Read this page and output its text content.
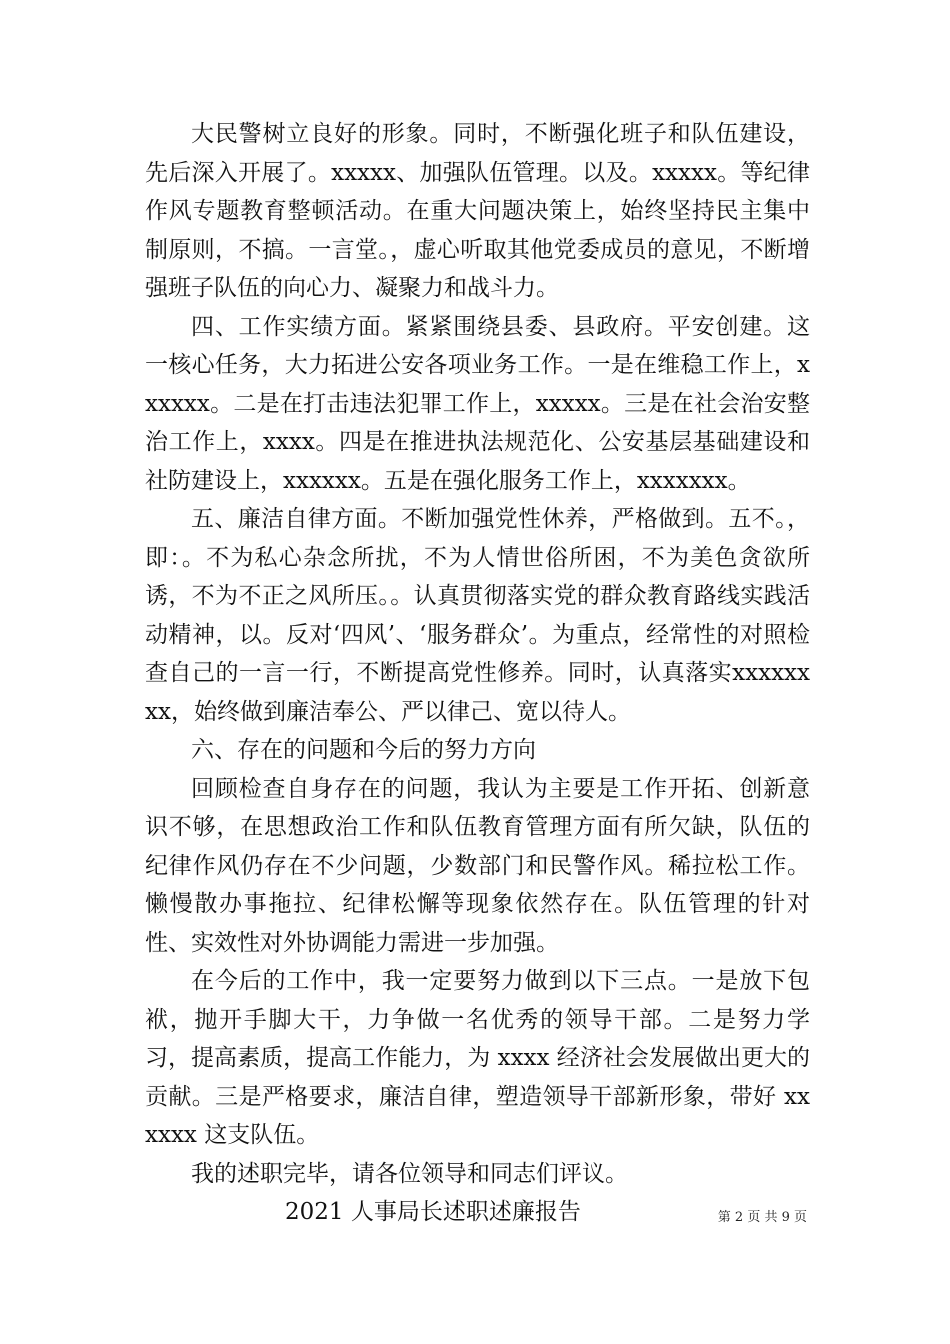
大民警树立良好的形象。同时，不断强化班子和队伍建设，先后深入开展了。xxxxx、加强队伍管理。以及。xxxxx。等纪律作风专题教育整顿活动。在重大问题决策上，始终坚持民主集中制原则，不搞。一言堂。，虚心听取其他党委成员的意见，不断增强班子队伍的向心力、凝聚力和战斗力。

四、工作实绩方面。紧紧围绕县委、县政府。平安创建。这一核心任务，大力拓进公安各项业务工作。一是在维稳工作上，xxxxxx。二是在打击违法犯罪工作上，xxxxx。三是在社会治安整治工作上，xxxx。四是在推进执法规范化、公安基层基础建设和社防建设上，xxxxxx。五是在强化服务工作上，xxxxxxx。

五、廉洁自律方面。不断加强党性休养，严格做到。五不。，即：。不为私心杂念所扰，不为人情世俗所困，不为美色贪欲所诱，不为不正之风所压。。认真贯彻落实党的群众教育路线实践活动精神，以。反对‘四风’、‘服务群众’。为重点，经常性的对照检查自己的一言一行，不断提高党性修养。同时，认真落实xxxxxxxx，始终做到廉洁奉公、严以律己、宽以待人。

六、存在的问题和今后的努力方向

回顾检查自身存在的问题，我认为主要是工作开拓、创新意识不够，在思想政治工作和队伍教育管理方面有所欠缺，队伍的纪律作风仍存在不少问题，少数部门和民警作风。稀拉松工作。懒慢散办事拖拉、纪律松懈等现象依然存在。队伍管理的针对性、实效性对外协调能力需进一步加强。

在今后的工作中，我一定要努力做到以下三点。一是放下包袱，抛开手脚大干，力争做一名优秀的领导干部。二是努力学习，提高素质，提高工作能力，为 xxxx 经济社会发展做出更大的贡献。三是严格要求，廉洁自律，塑造领导干部新形象，带好 xxxxxx 这支队伍。

我的述职完毕，请各位领导和同志们评议。

2021 人事局长述职述廉报告	第 2 页 共 9 页
